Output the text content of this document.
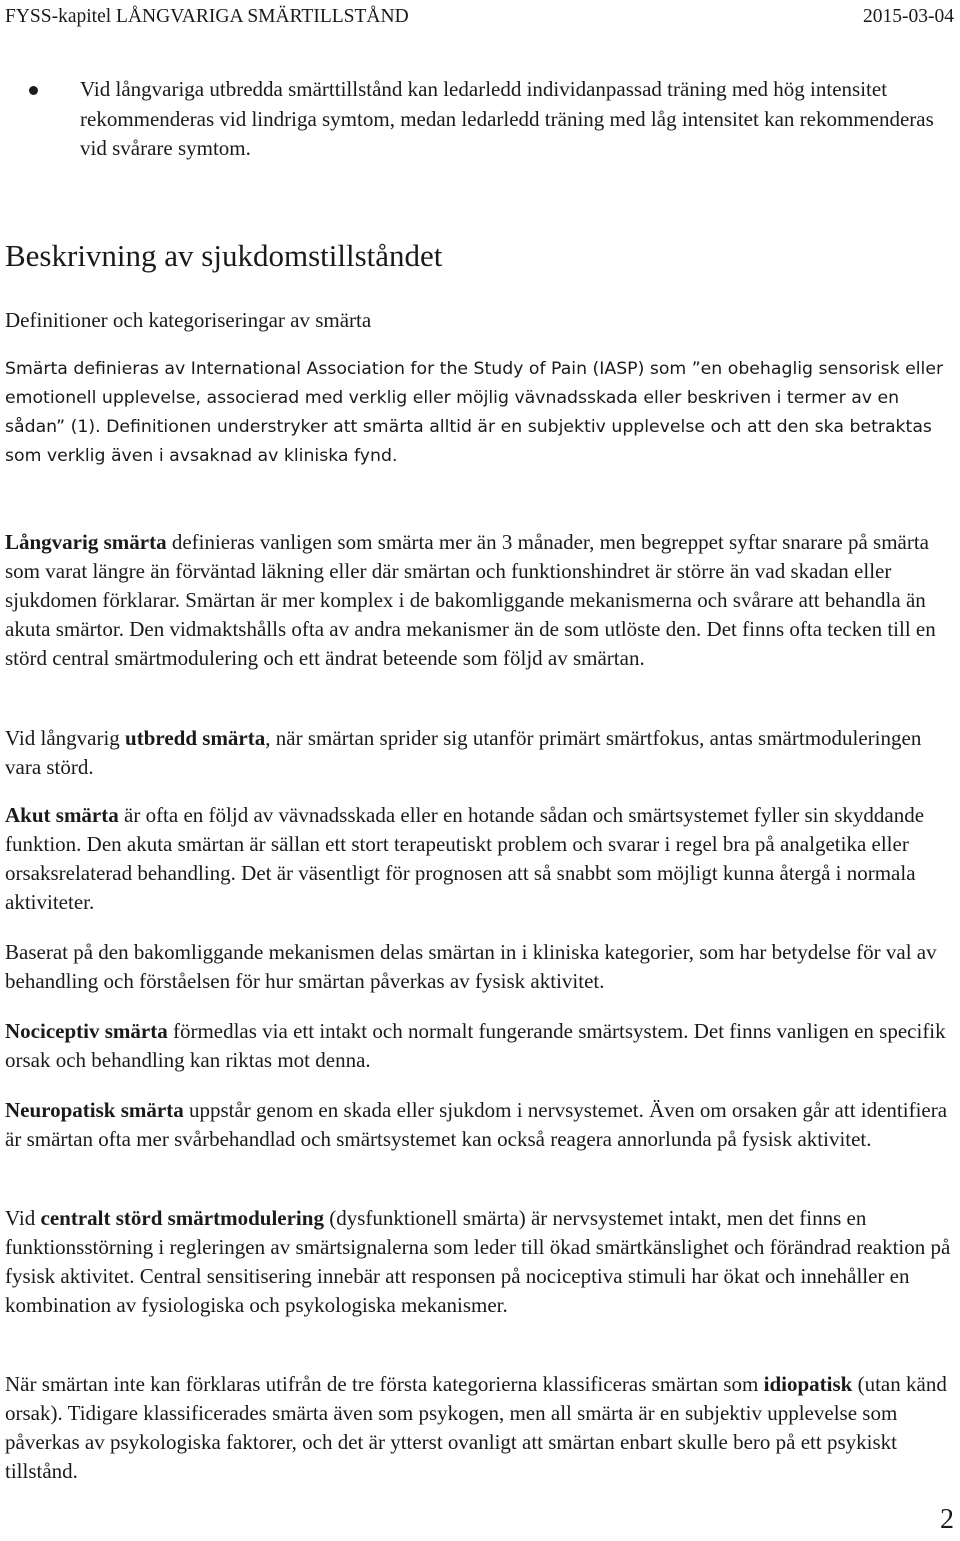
FYSS-kapitel LÅNGVARIGA SMÄRTILLSTÅND	2015-03-04
Vid långvariga utbredda smärttillstånd kan ledarledd individanpassad träning med hög intensitet rekommenderas vid lindriga symtom, medan ledarledd träning med låg intensitet kan rekommenderas vid svårare symtom.
Beskrivning av sjukdomstillståndet
Definitioner och kategoriseringar av smärta

Smärta definieras av International Association for the Study of Pain (IASP) som ”en obehaglig sensorisk eller emotionell upplevelse, associerad med verklig eller möjlig vävnadsskada eller beskriven i termer av en sådan” (1). Definitionen understryker att smärta alltid är en subjektiv upplevelse och att den ska betraktas som verklig även i avsaknad av kliniska fynd.

Långvarig smärta definieras vanligen som smärta mer än 3 månader, men begreppet syftar snarare på smärta som varat längre än förväntad läkning eller där smärtan och funktionshindret är större än vad skadan eller sjukdomen förklarar. Smärtan är mer komplex i de bakomliggande mekanismerna och svårare att behandla än akuta smärtor. Den vidmaktshålls ofta av andra mekanismer än de som utlöste den. Det finns ofta tecken till en störd central smärtmodulering och ett ändrat beteende som följd av smärtan.

Vid långvarig utbredd smärta, när smärtan sprider sig utanför primärt smärtfokus, antas smärtmoduleringen vara störd.

Akut smärta är ofta en följd av vävnadsskada eller en hotande sådan och smärtsystemet fyller sin skyddande funktion. Den akuta smärtan är sällan ett stort terapeutiskt problem och svarar i regel bra på analgetika eller orsaksrelaterad behandling. Det är väsentligt för prognosen att så snabbt som möjligt kunna återgå i normala aktiviteter.

Baserat på den bakomliggande mekanismen delas smärtan in i kliniska kategorier, som har betydelse för val av behandling och förståelsen för hur smärtan påverkas av fysisk aktivitet.

Nociceptiv smärta förmedlas via ett intakt och normalt fungerande smärtsystem. Det finns vanligen en specifik orsak och behandling kan riktas mot denna.

Neuropatisk smärta uppstår genom en skada eller sjukdom i nervsystemet. Även om orsaken går att identifiera är smärtan ofta mer svårbehandlad och smärtsystemet kan också reagera annorlunda på fysisk aktivitet.

Vid centralt störd smärtmodulering (dysfunktionell smärta) är nervsystemet intakt, men det finns en funktionsstörning i regleringen av smärtsignalerna som leder till ökad smärtkänslighet och förändrad reaktion på fysisk aktivitet. Central sensitisering innebär att responsen på nociceptiva stimuli har ökat och innehåller en kombination av fysiologiska och psykologiska mekanismer.

När smärtan inte kan förklaras utifrån de tre första kategorierna klassificeras smärtan som idiopatisk (utan känd orsak). Tidigare klassificerades smärta även som psykogen, men all smärta är en subjektiv upplevelse som påverkas av psykologiska faktorer, och det är ytterst ovanligt att smärtan enbart skulle bero på ett psykiskt tillstånd.

2
